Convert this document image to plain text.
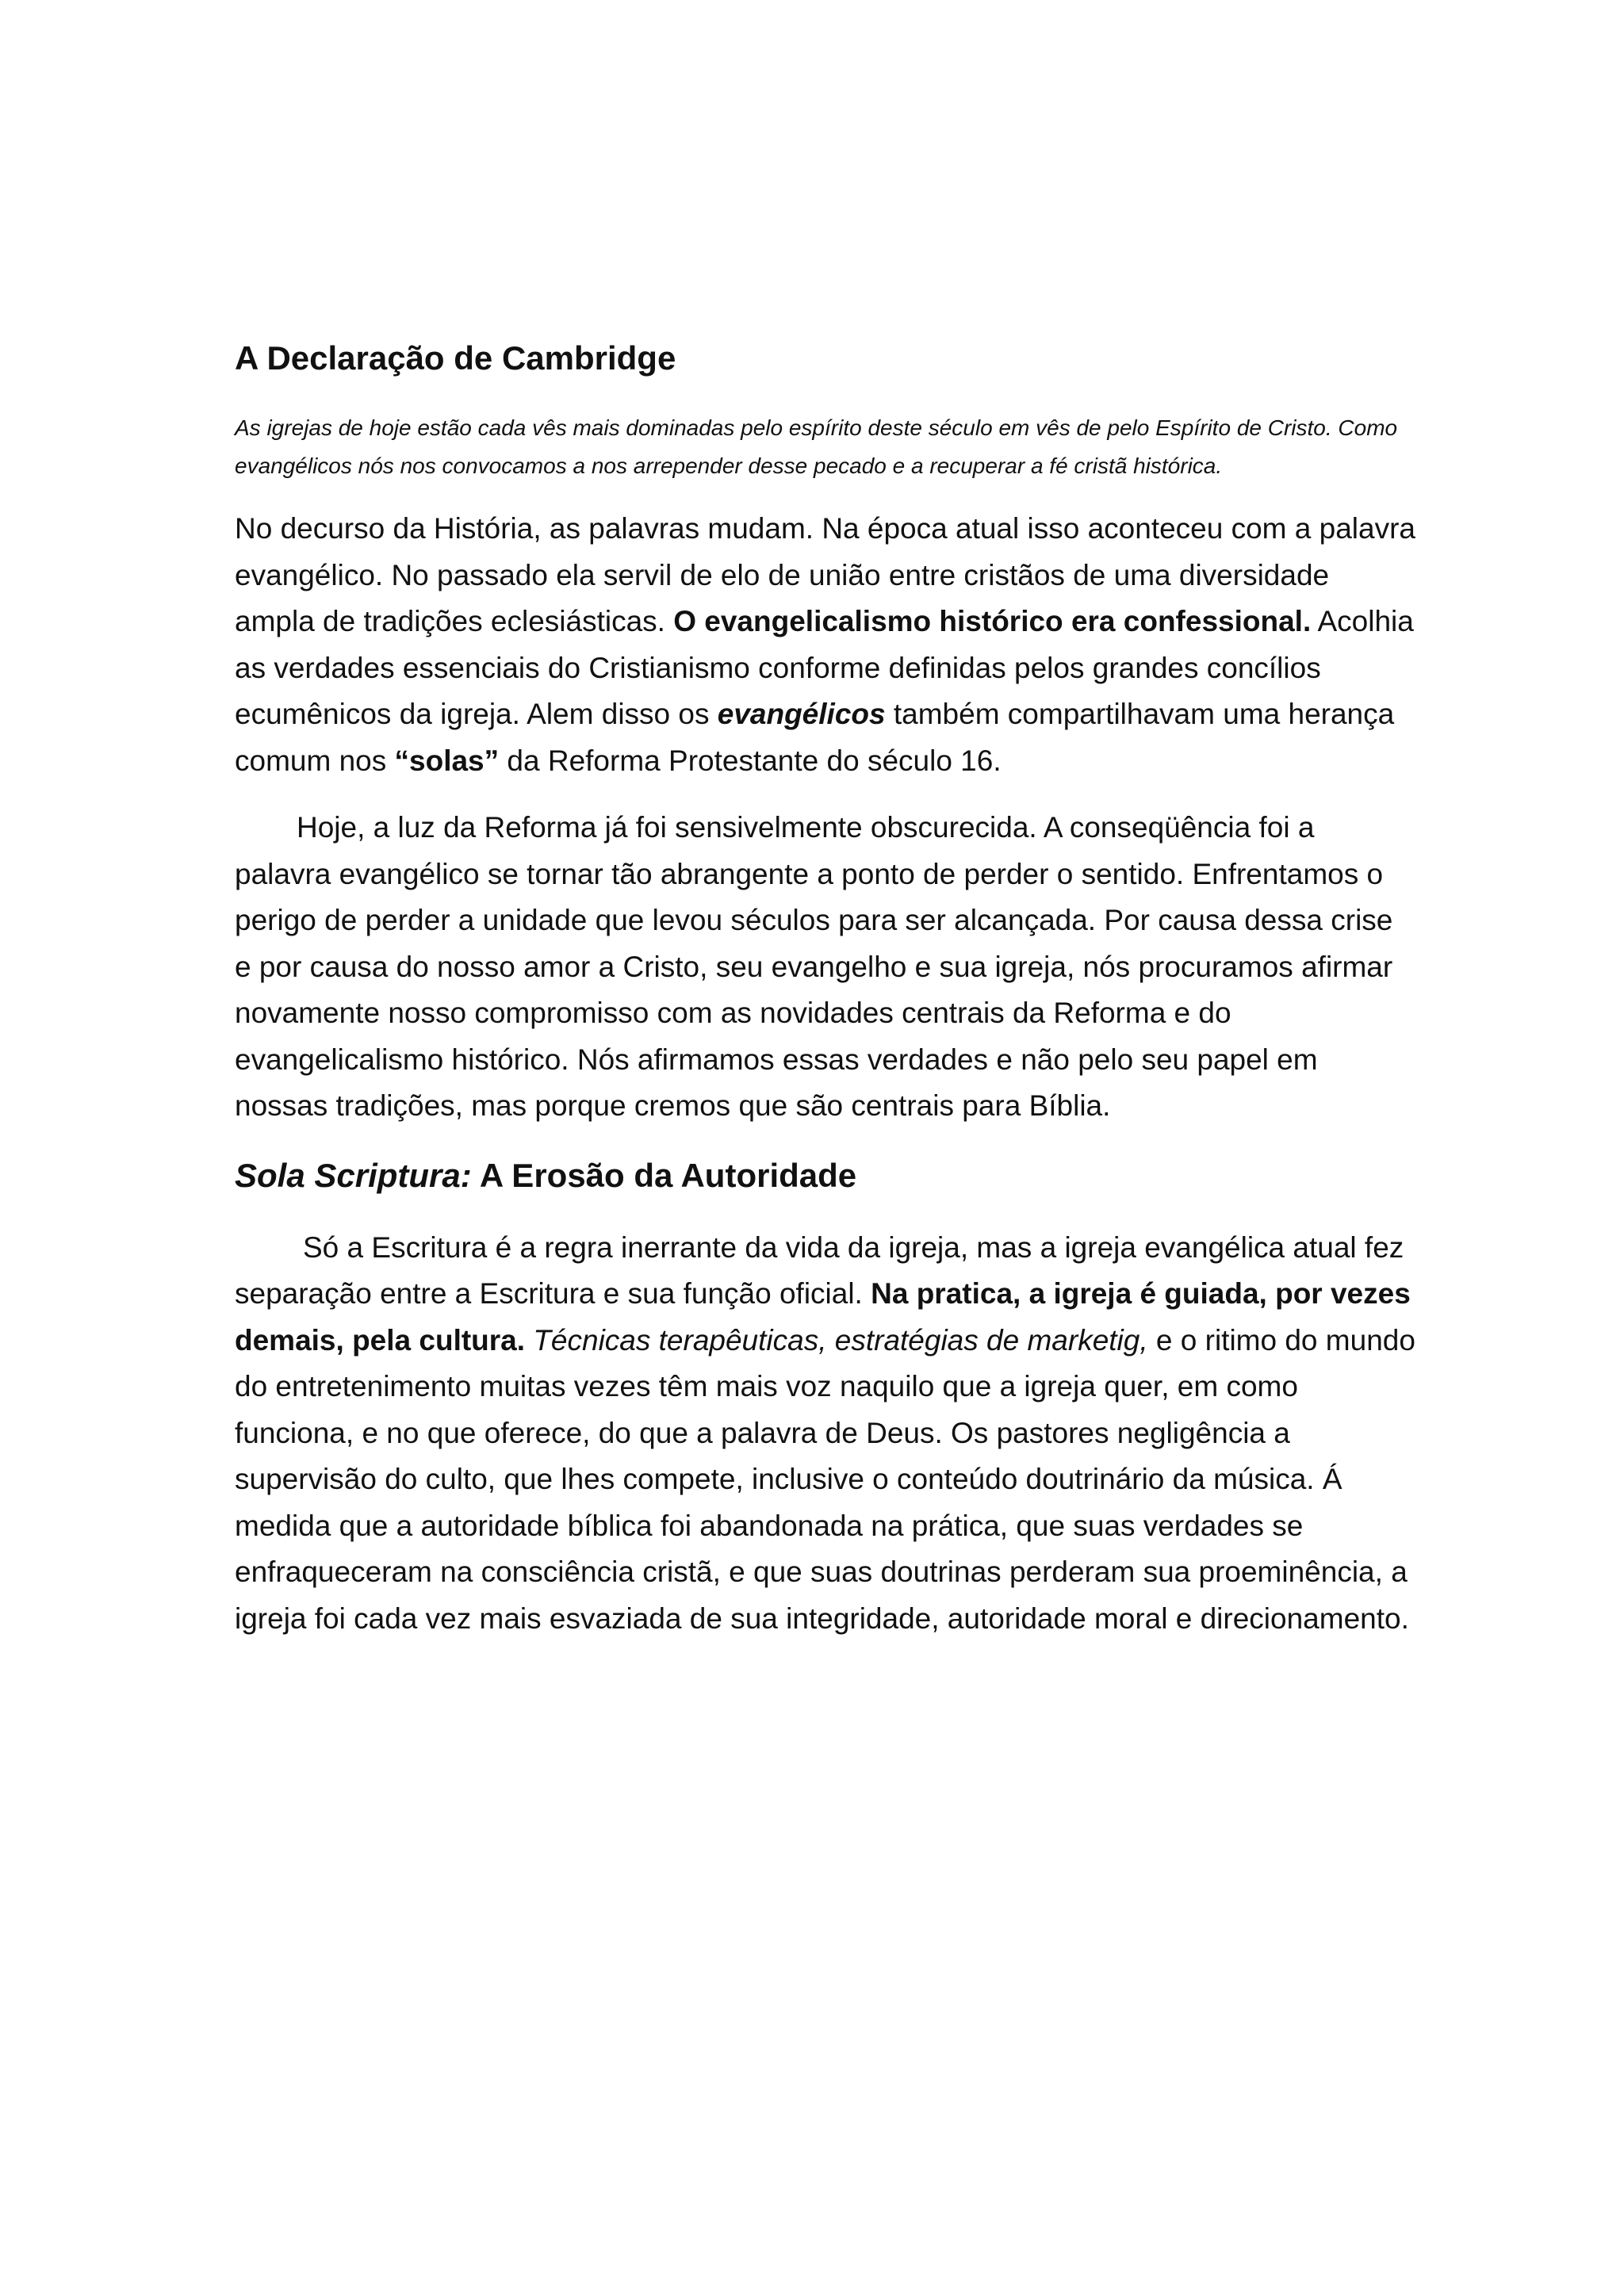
A Declaração de Cambridge

As igrejas de hoje estão cada vês mais dominadas pelo espírito deste século em vês de pelo Espírito de Cristo. Como evangélicos nós nos convocamos a nos arrepender desse pecado e a recuperar a fé cristã histórica.

No decurso da História, as palavras mudam. Na época atual isso aconteceu com a palavra evangélico. No passado ela servil de elo de união entre cristãos de uma diversidade ampla de tradições eclesiásticas. O evangelicalismo histórico era confessional. Acolhia as verdades essenciais do Cristianismo conforme definidas pelos grandes concílios ecumênicos da igreja. Alem disso os evangélicos também compartilhavam uma herança comum nos “solas” da Reforma Protestante do século 16.

Hoje, a luz da Reforma já foi sensivelmente obscurecida. A conseqüência foi a palavra evangélico se tornar tão abrangente a ponto de perder o sentido. Enfrentamos o perigo de perder a unidade que levou séculos para ser alcançada. Por causa dessa crise e por causa do nosso amor a Cristo, seu evangelho e sua igreja, nós procuramos afirmar novamente nosso compromisso com as novidades centrais da Reforma e do evangelicalismo histórico. Nós afirmamos essas verdades e não pelo seu papel em nossas tradições, mas porque cremos que são centrais para Bíblia.

Sola Scriptura: A Erosão da Autoridade

Só a Escritura é a regra inerrante da vida da igreja, mas a igreja evangélica atual fez separação entre a Escritura e sua função oficial. Na pratica, a igreja é guiada, por vezes demais, pela cultura. Técnicas terapêuticas, estratégias de marketig, e o ritimo do mundo do entretenimento muitas vezes têm mais voz naquilo que a igreja quer, em como funciona, e no que oferece, do que a palavra de Deus. Os pastores negligência a supervisão do culto, que lhes compete, inclusive o conteúdo doutrinário da música. Á medida que a autoridade bíblica foi abandonada na prática, que suas verdades se enfraqueceram na consciência cristã, e que suas doutrinas perderam sua proeminência, a igreja foi cada vez mais esvaziada de sua integridade, autoridade moral e direcionamento.
